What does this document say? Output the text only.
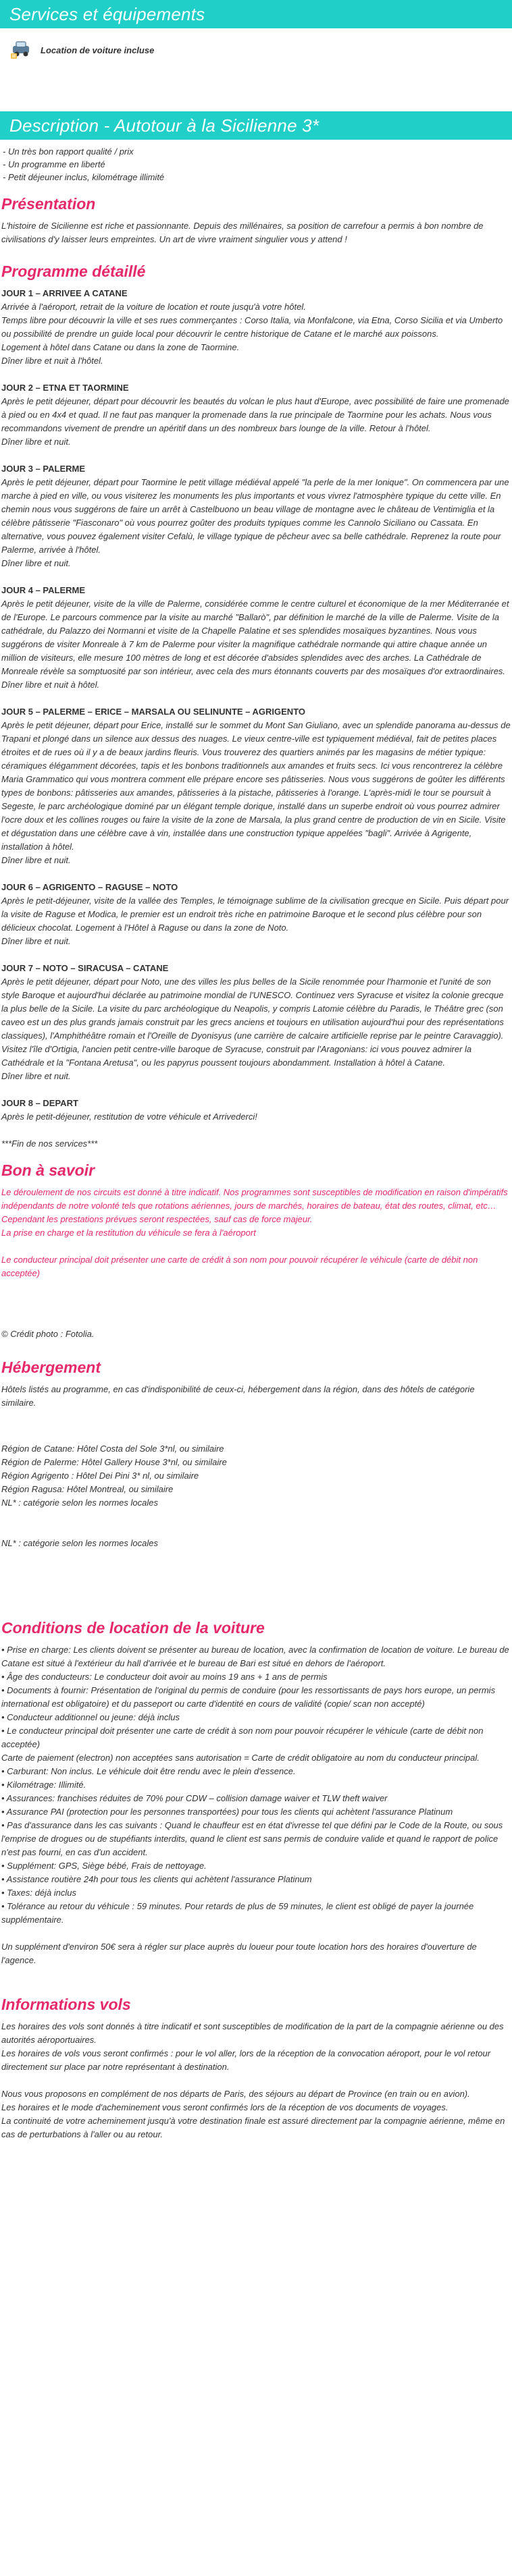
Services et équipements
Location de voiture incluse
Description - Autotour à la Sicilienne 3*
- Un très bon rapport qualité / prix
- Un programme en liberté
- Petit déjeuner inclus, kilométrage illimité
Présentation

L'histoire de Sicilienne est riche et passionnante. Depuis des millénaires, sa position de carrefour a permis à bon nombre de civilisations d'y laisser leurs empreintes. Un art de vivre vraiment singulier vous y attend !

Programme détaillé
JOUR 1 – ARRIVEE A CATANE

Arrivée à l'aéroport, retrait de la voiture de location et route jusqu'à votre hôtel.

Temps libre pour découvrir la ville et ses rues commerçantes : Corso Italia, via Monfalcone, via Etna, Corso Sicilia et via Umberto ou possibilité de prendre un guide local pour découvrir le centre historique de Catane et le marché aux poissons.

Logement à hôtel dans Catane ou dans la zone de Taormine.

Dîner libre et nuit à l'hôtel.

JOUR 2 – ETNA ET TAORMINE

Après le petit déjeuner, départ pour découvrir les beautés du volcan le plus haut d'Europe, avec possibilité de faire une promenade à pied ou en 4x4 et quad. Il ne faut pas manquer la promenade dans la rue principale de Taormine pour les achats. Nous vous recommandons vivement de prendre un apéritif dans un des nombreux bars lounge de la ville. Retour à l'hôtel.

Dîner libre et nuit.

JOUR 3 – PALERME

Après le petit déjeuner, départ pour Taormine le petit village médiéval appelé "la perle de la mer Ionique". On commencera par une marche à pied en ville, ou vous visiterez les monuments les plus importants et vous vivrez l'atmosphère typique du cette ville. En chemin nous vous suggérons de faire un arrêt à Castelbuono un beau village de montagne avec le château de Ventimiglia et la célèbre pâtisserie "Fiasconaro" où vous pourrez goûter des produits typiques comme les Cannolo Siciliano ou Cassata. En alternative, vous pouvez également visiter Cefalù, le village typique de pêcheur avec sa belle cathédrale. Reprenez la route pour Palerme, arrivée à l'hôtel.

Dîner libre et nuit.

JOUR 4 – PALERME

Après le petit déjeuner, visite de la ville de Palerme, considérée comme le centre culturel et économique de la mer Méditerranée et de l'Europe. Le parcours commence par la visite au marché "Ballarò", par définition le marché de la ville de Palerme. Visite de la cathédrale, du Palazzo dei Normanni et visite de la Chapelle Palatine et ses splendides mosaïques byzantines. Nous vous suggérons de visiter Monreale à 7 km de Palerme pour visiter la magnifique cathédrale normande qui attire chaque année un million de visiteurs, elle mesure 100 mètres de long et est décorée d'absides splendides avec des arches. La Cathédrale de Monreale révèle sa somptuosité par son intérieur, avec cela des murs étonnants couverts par des mosaïques d'or extraordinaires.

Dîner libre et nuit à hôtel.

JOUR 5 – PALERME – ERICE – MARSALA OU SELINUNTE – AGRIGENTO

Après le petit déjeuner, départ pour Erice, installé sur le sommet du Mont San Giuliano, avec un splendide panorama au-dessus de Trapani et plongé dans un silence aux dessus des nuages. Le vieux centre-ville est typiquement médiéval, fait de petites places étroites et de rues où il y a de beaux jardins fleuris. Vous trouverez des quartiers animés par les magasins de métier typique: céramiques élégamment décorées, tapis et les bonbons traditionnels aux amandes et fruits secs. Ici vous rencontrerez la célèbre Maria Grammatico qui vous montrera comment elle prépare encore ses pâtisseries. Nous vous suggérons de goûter les différents types de bonbons: pâtisseries aux amandes, pâtisseries à la pistache, pâtisseries à l'orange. L'après-midi le tour se poursuit à Segeste, le parc archéologique dominé par un élégant temple dorique, installé dans un superbe endroit où vous pourrez admirer l'ocre doux et les collines rouges ou faire la visite de la zone de Marsala, la plus grand centre de production de vin en Sicile. Visite et dégustation dans une célèbre cave à vin, installée dans une construction typique appelées "bagli". Arrivée à Agrigente, installation à hôtel.

Dîner libre et nuit.

JOUR 6 – AGRIGENTO – RAGUSE – NOTO

Après le petit-déjeuner, visite de la vallée des Temples, le témoignage sublime de la civilisation grecque en Sicile. Puis départ pour la visite de Raguse et Modica, le premier est un endroit très riche en patrimoine Baroque et le second plus célèbre pour son délicieux chocolat. Logement à l'Hôtel à Raguse ou dans la zone de Noto.

Dîner libre et nuit.

JOUR 7 – NOTO – SIRACUSA – CATANE

Après le petit déjeuner, départ pour Noto, une des villes les plus belles de la Sicile renommée pour l'harmonie et l'unité de son style Baroque et aujourd'hui déclarée au patrimoine mondial de l'UNESCO. Continuez vers Syracuse et visitez la colonie grecque la plus belle de la Sicile. La visite du parc archéologique du Neapolis, y compris Latomie célèbre du Paradis, le Théâtre grec (son caveo est un des plus grands jamais construit par les grecs anciens et toujours en utilisation aujourd'hui pour des représentations classiques), l'Amphithéâtre romain et l'Oreille de Dyonisyus (une carrière de calcaire artificielle reprise par le peintre Caravaggio). Visitez l'île d'Ortigia, l'ancien petit centre-ville baroque de Syracuse, construit par l'Aragonians: ici vous pouvez admirer la Cathédrale et la "Fontana Aretusa", ou les papyrus poussent toujours abondamment. Installation à hôtel à Catane.

Dîner libre et nuit.

JOUR 8 – DEPART

Après le petit-déjeuner, restitution de votre véhicule et Arrivederci!

***Fin de nos services***

Bon à savoir

Le déroulement de nos circuits est donné à titre indicatif. Nos programmes sont susceptibles de modification en raison d'impératifs indépendants de notre volonté tels que rotations aériennes, jours de marchés, horaires de bateau, état des routes, climat, etc… Cependant les prestations prévues seront respectées, sauf cas de force majeur.

La prise en charge et la restitution du véhicule se fera à l'aéroport

Le conducteur principal doit présenter une carte de crédit à son nom pour pouvoir récupérer le véhicule (carte de débit non acceptée)

© Crédit photo : Fotolia.

Hébergement

Hôtels listés au programme, en cas d'indisponibilité de ceux-ci, hébergement dans la région, dans des hôtels de catégorie similaire.

Région de Catane: Hôtel Costa del Sole 3*nl, ou similaire

Région de Palerme: Hôtel Gallery House 3*nl, ou similaire

Région Agrigento : Hôtel Dei Pini 3* nl, ou similaire

Région Ragusa: Hôtel Montreal, ou similaire

NL* : catégorie selon les normes locales

NL* : catégorie selon les normes locales

Conditions de location de la voiture

• Prise en charge: Les clients doivent se présenter au bureau de location, avec la confirmation de location de voiture. Le bureau de Catane est situé à l'extérieur du hall d'arrivée et le bureau de Bari est situé en dehors de l'aéroport.

• Âge des conducteurs: Le conducteur doit avoir au moins 19 ans + 1 ans de permis

• Documents à fournir: Présentation de l'original du permis de conduire (pour les ressortissants de pays hors europe, un permis international est obligatoire) et du passeport ou carte d'identité en cours de validité (copie/ scan non accepté)

• Conducteur additionnel ou jeune: déjà inclus

• Le conducteur principal doit présenter une carte de crédit à son nom pour pouvoir récupérer le véhicule (carte de débit non acceptée)

Carte de paiement (electron) non acceptées sans autorisation = Carte de crédit obligatoire au nom du conducteur principal.

• Carburant: Non inclus. Le véhicule doit être rendu avec le plein d'essence.

• Kilométrage: Illimité.

• Assurances: franchises réduites de 70% pour CDW – collision damage waiver et TLW theft waiver

• Assurance PAI (protection pour les personnes transportées) pour tous les clients qui achètent l'assurance Platinum

• Pas d'assurance dans les cas suivants : Quand le chauffeur est en état d'ivresse tel que défini par le Code de la Route, ou sous l'emprise de drogues ou de stupéfiants interdits, quand le client est sans permis de conduire valide et quand le rapport de police n'est pas fourni, en cas d'un accident.

• Supplément: GPS, Siège bébé, Frais de nettoyage.

• Assistance routière 24h pour tous les clients qui achètent l'assurance Platinum

• Taxes: déjà inclus

• Tolérance au retour du véhicule : 59 minutes. Pour retards de plus de 59 minutes, le client est obligé de payer la journée supplémentaire.

Un supplément d'environ 50€ sera à régler sur place auprès du loueur pour toute location hors des horaires d'ouverture de l'agence.

Informations vols

Les horaires des vols sont donnés à titre indicatif et sont susceptibles de modification de la part de la compagnie aérienne ou des autorités aéroportuaires.

Les horaires de vols vous seront confirmés : pour le vol aller, lors de la réception de la convocation aéroport, pour le vol retour directement sur place par notre représentant à destination.

Nous vous proposons en complément de nos départs de Paris, des séjours au départ de Province (en train ou en avion).

Les horaires et le mode d'acheminement vous seront confirmés lors de la réception de vos documents de voyages.

La continuité de votre acheminement jusqu'à votre destination finale est assuré directement par la compagnie aérienne, même en cas de perturbations à l'aller ou au retour.
